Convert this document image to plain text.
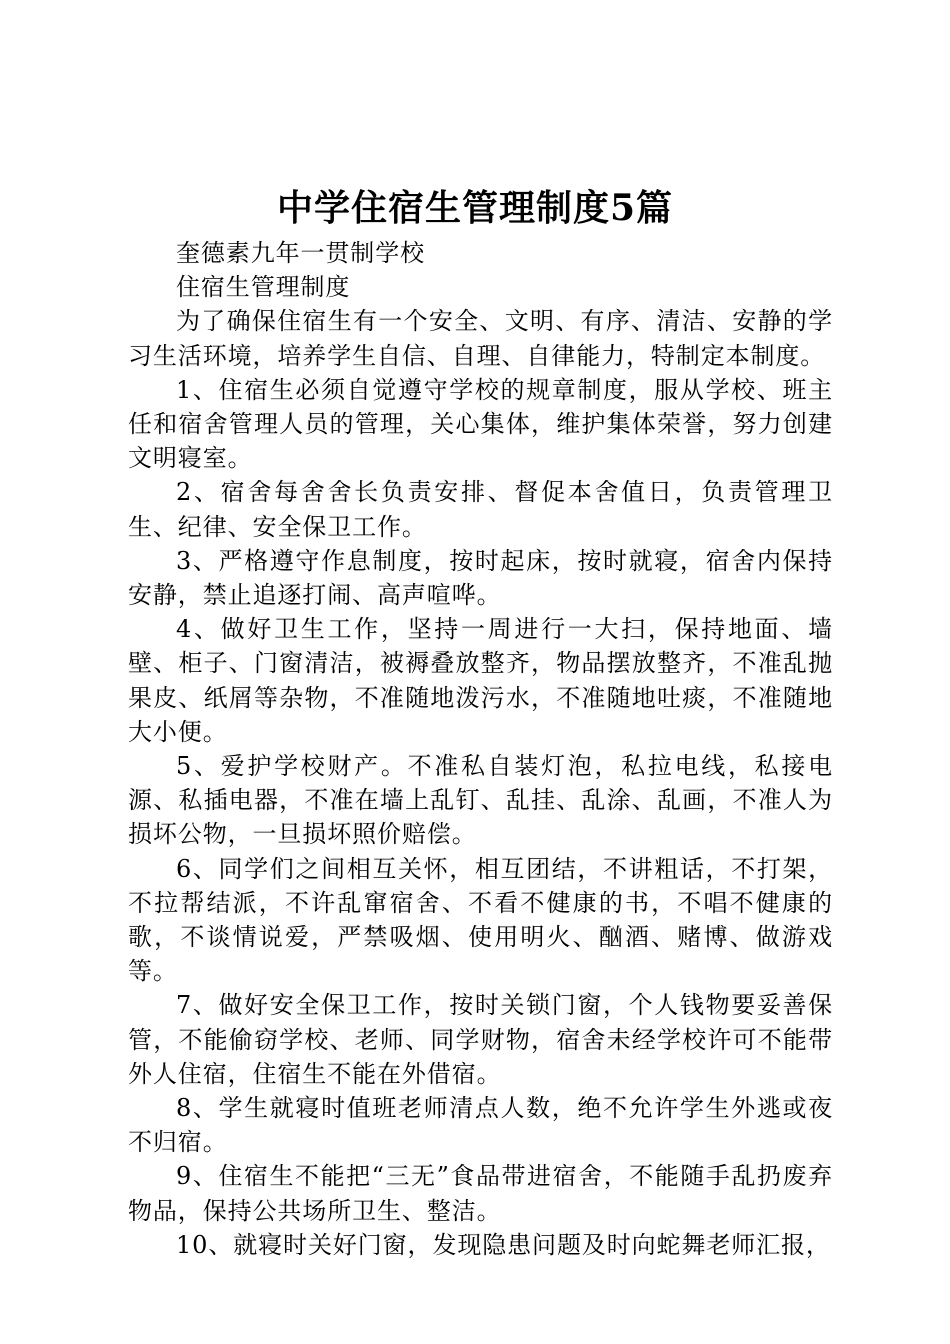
中学住宿生管理制度5篇

奎德素九年一贯制学校

住宿生管理制度

为了确保住宿生有一个安全、文明、有序、清洁、安静的学习生活环境，培养学生自信、自理、自律能力，特制定本制度。

1、住宿生必须自觉遵守学校的规章制度，服从学校、班主任和宿舍管理人员的管理，关心集体，维护集体荣誉，努力创建文明寝室。

2、宿舍每舍舍长负责安排、督促本舍值日，负责管理卫生、纪律、安全保卫工作。

3、严格遵守作息制度，按时起床，按时就寝，宿舍内保持安静，禁止追逐打闹、高声喧哗。

4、做好卫生工作，坚持一周进行一大扫，保持地面、墙壁、柜子、门窗清洁，被褥叠放整齐，物品摆放整齐，不准乱抛果皮、纸屑等杂物，不准随地泼污水，不准随地吐痰，不准随地大小便。

5、爱护学校财产。不准私自装灯泡，私拉电线，私接电源、私插电器，不准在墙上乱钉、乱挂、乱涂、乱画，不准人为损坏公物，一旦损坏照价赔偿。

6、同学们之间相互关怀，相互团结，不讲粗话，不打架，不拉帮结派，不许乱窜宿舍、不看不健康的书，不唱不健康的歌，不谈情说爱，严禁吸烟、使用明火、酗酒、赌博、做游戏等。

7、做好安全保卫工作，按时关锁门窗，个人钱物要妥善保管，不能偷窃学校、老师、同学财物，宿舍未经学校许可不能带外人住宿，住宿生不能在外借宿。

8、学生就寝时值班老师清点人数，绝不允许学生外逃或夜不归宿。

9、住宿生不能把“三无”食品带进宿舍，不能随手乱扔废弃物品，保持公共场所卫生、整洁。

10、就寝时关好门窗，发现隐患问题及时向蛇舞老师汇报，
